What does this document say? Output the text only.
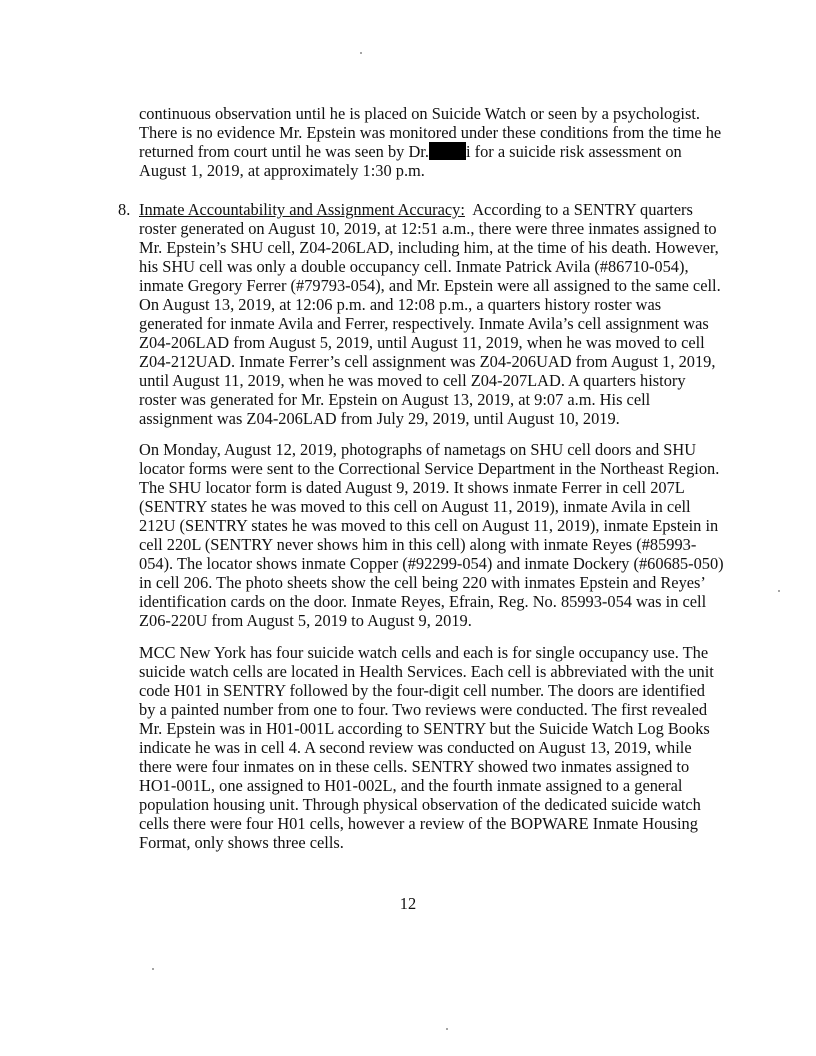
continuous observation until he is placed on Suicide Watch or seen by a psychologist.

There is no evidence Mr. Epstein was monitored under these conditions from the time he

returned from court until he was seen by Dr. i for a suicide risk assessment on

August 1, 2019, at approximately 1:30 p.m.

8. Inmate Accountability and Assignment Accuracy:  According to a SENTRY quarters

roster generated on August 10, 2019, at 12:51 a.m., there were three inmates assigned to

Mr. Epstein’s SHU cell, Z04-206LAD, including him, at the time of his death. However,

his SHU cell was only a double occupancy cell. Inmate Patrick Avila (#86710-054),

inmate Gregory Ferrer (#79793-054), and Mr. Epstein were all assigned to the same cell.

On August 13, 2019, at 12:06 p.m. and 12:08 p.m., a quarters history roster was

generated for inmate Avila and Ferrer, respectively. Inmate Avila’s cell assignment was

Z04-206LAD from August 5, 2019, until August 11, 2019, when he was moved to cell

Z04-212UAD. Inmate Ferrer’s cell assignment was Z04-206UAD from August 1, 2019,

until August 11, 2019, when he was moved to cell Z04-207LAD. A quarters history

roster was generated for Mr. Epstein on August 13, 2019, at 9:07 a.m. His cell

assignment was Z04-206LAD from July 29, 2019, until August 10, 2019.

On Monday, August 12, 2019, photographs of nametags on SHU cell doors and SHU

locator forms were sent to the Correctional Service Department in the Northeast Region.

The SHU locator form is dated August 9, 2019. It shows inmate Ferrer in cell 207L

(SENTRY states he was moved to this cell on August 11, 2019), inmate Avila in cell

212U (SENTRY states he was moved to this cell on August 11, 2019), inmate Epstein in

cell 220L (SENTRY never shows him in this cell) along with inmate Reyes (#85993-

054). The locator shows inmate Copper (#92299-054) and inmate Dockery (#60685-050)

in cell 206. The photo sheets show the cell being 220 with inmates Epstein and Reyes’

identification cards on the door. Inmate Reyes, Efrain, Reg. No. 85993-054 was in cell

Z06-220U from August 5, 2019 to August 9, 2019.

MCC New York has four suicide watch cells and each is for single occupancy use. The

suicide watch cells are located in Health Services. Each cell is abbreviated with the unit

code H01 in SENTRY followed by the four-digit cell number. The doors are identified

by a painted number from one to four. Two reviews were conducted. The first revealed

Mr. Epstein was in H01-001L according to SENTRY but the Suicide Watch Log Books

indicate he was in cell 4. A second review was conducted on August 13, 2019, while

there were four inmates on in these cells. SENTRY showed two inmates assigned to

HO1-001L, one assigned to H01-002L, and the fourth inmate assigned to a general

population housing unit. Through physical observation of the dedicated suicide watch

cells there were four H01 cells, however a review of the BOPWARE Inmate Housing

Format, only shows three cells.

12
